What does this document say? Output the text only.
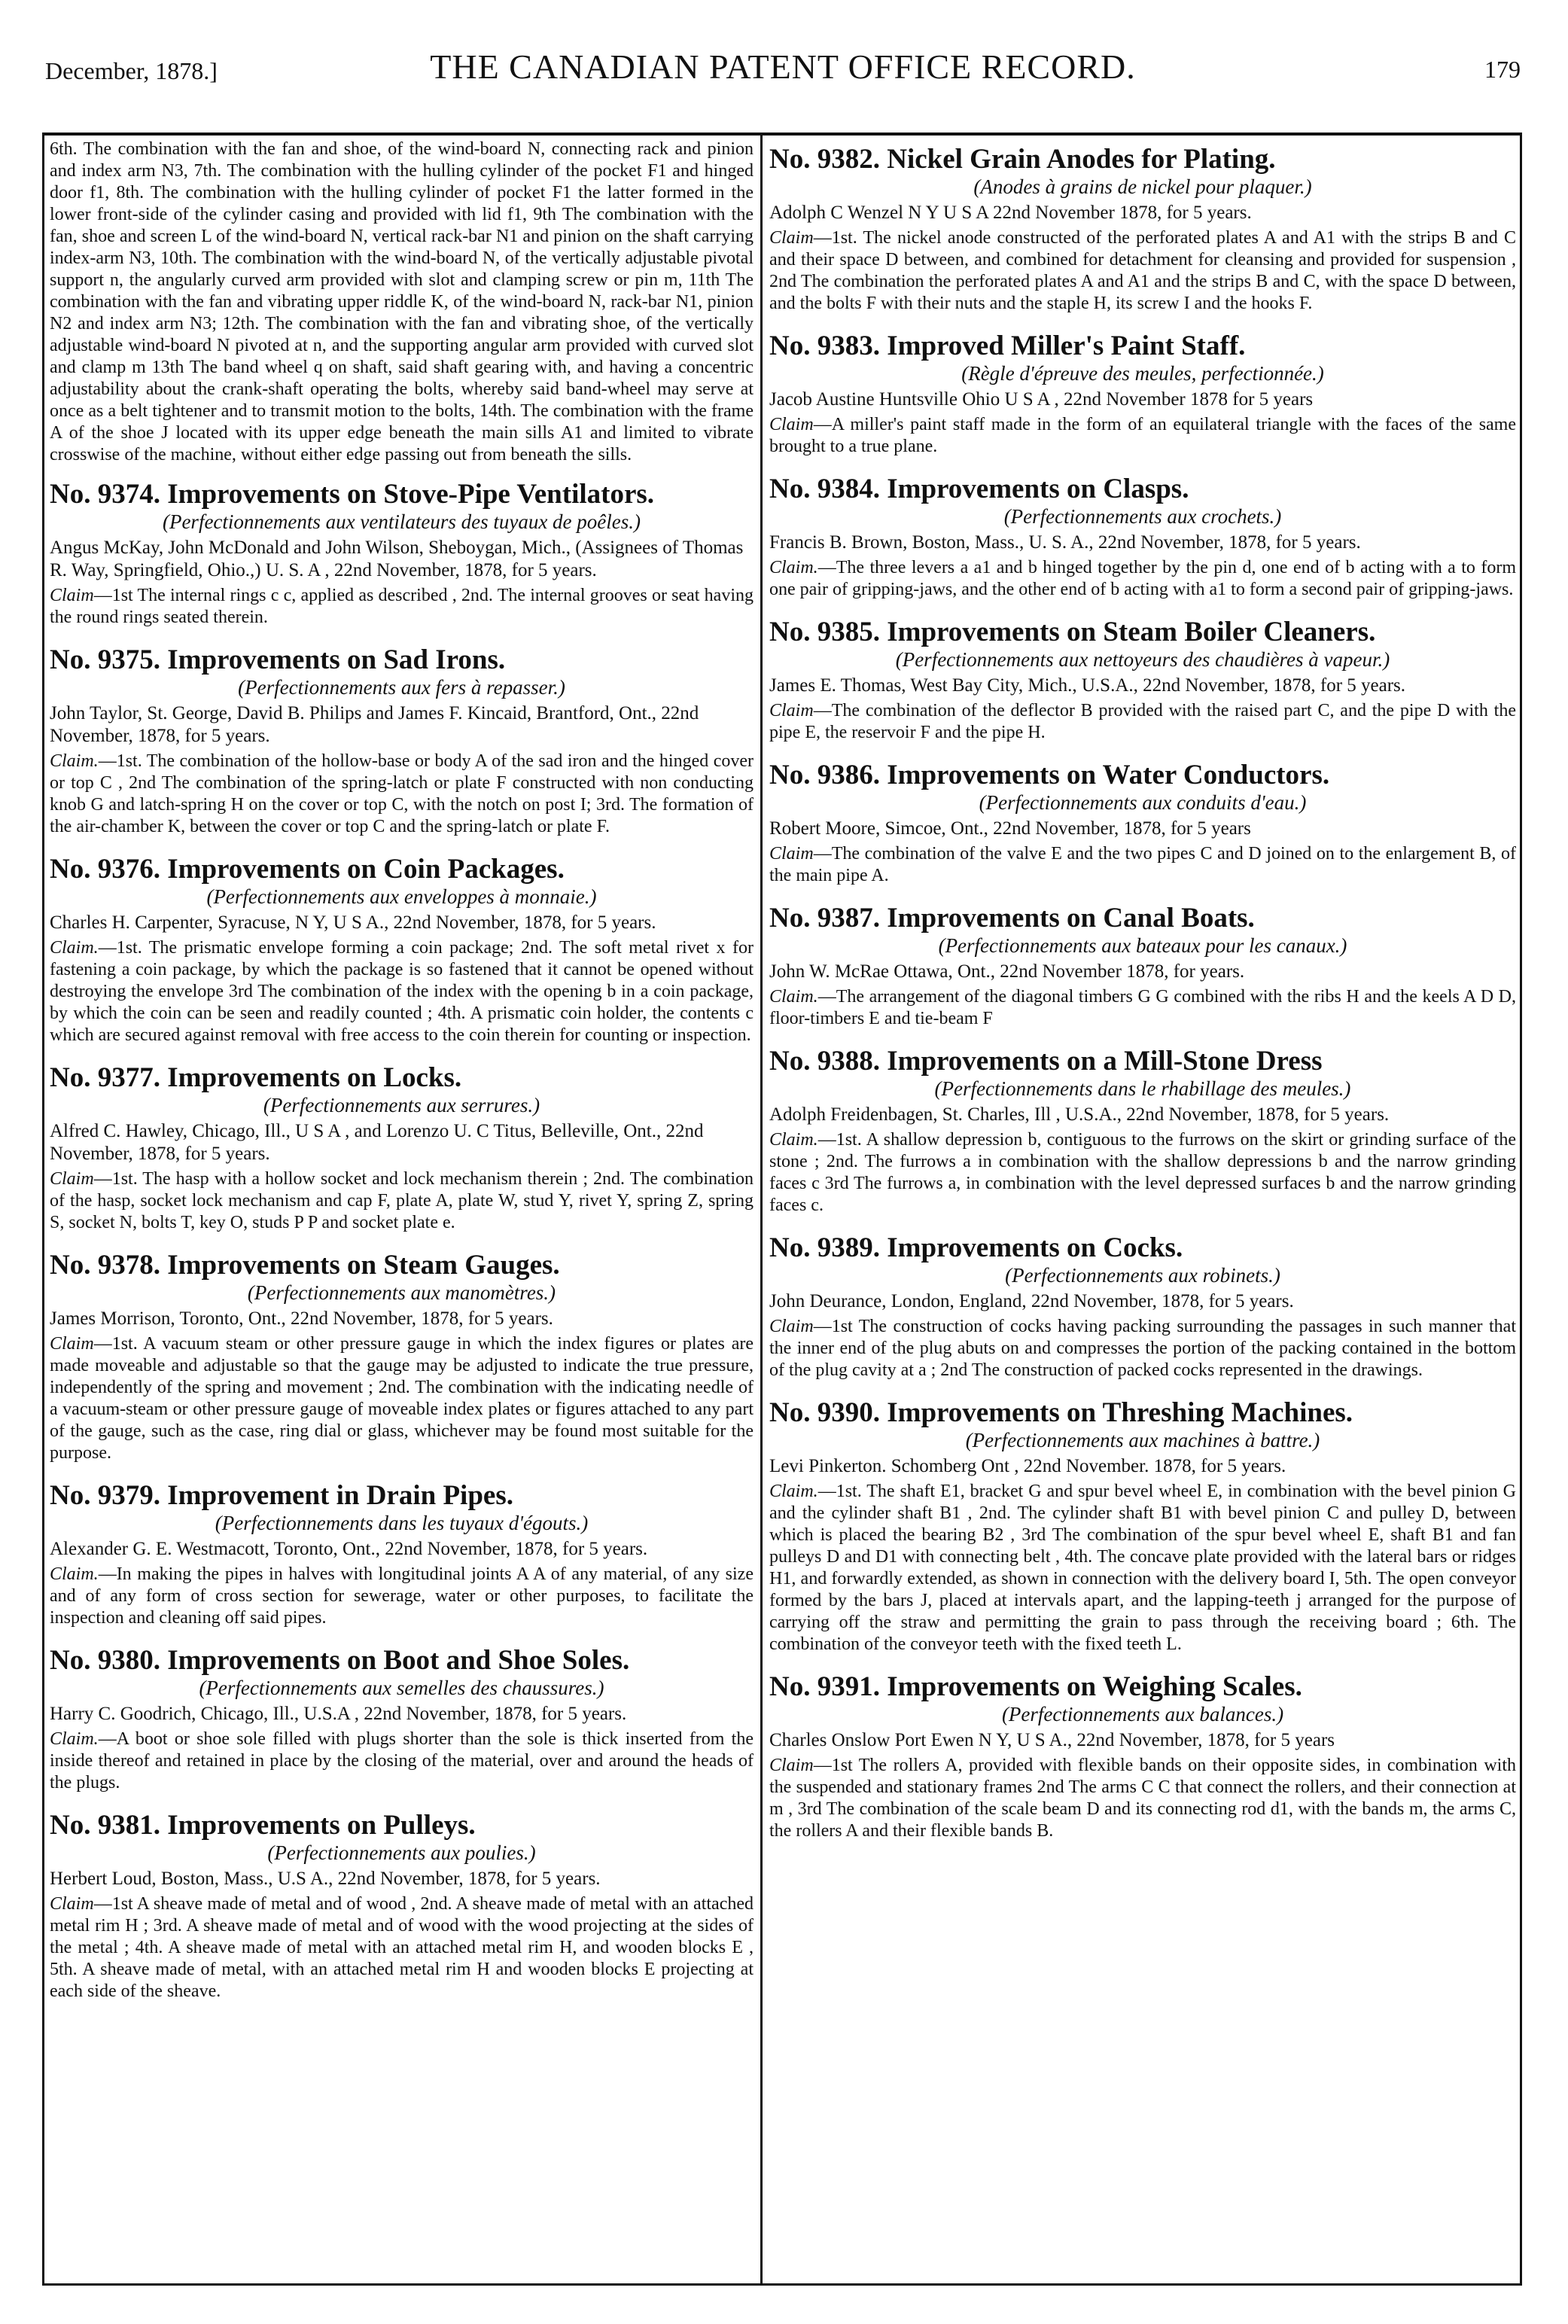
December, 1878.]	THE CANADIAN PATENT OFFICE RECORD.	179
6th. The combination with the fan and shoe, of the wind-board N, connecting rack and pinion and index arm N3, 7th. The combination with the hulling cylinder of the pocket F1 and hinged door f1, 8th. The combination with the hulling cylinder of pocket F1 the latter formed in the lower front-side of the cylinder casing and provided with lid f1, 9th The combination with the fan, shoe and screen L of the wind-board N, vertical rack-bar N1 and pinion on the shaft carrying index-arm N3, 10th. The combination with the wind-board N, of the vertically adjustable pivotal support n, the angularly curved arm provided with slot and clamping screw or pin m, 11th The combination with the fan and vibrating upper riddle K, of the wind-board N, rack-bar N1, pinion N2 and index arm N3; 12th. The combination with the fan and vibrating shoe, of the vertically adjustable wind-board N pivoted at n, and the supporting angular arm provided with curved slot and clamp m 13th The band wheel q on shaft, said shaft gearing with, and having a concentric adjustability about the crank-shaft operating the bolts, whereby said band-wheel may serve at once as a belt tightener and to transmit motion to the bolts, 14th. The combination with the frame A of the shoe J located with its upper edge beneath the main sills A1 and limited to vibrate crosswise of the machine, without either edge passing out from beneath the sills.
No. 9374. Improvements on Stove-Pipe Ventilators.
(Perfectionnements aux ventilateurs des tuyaux de poêles.)
Angus McKay, John McDonald and John Wilson, Sheboygan, Mich., (Assignees of Thomas R. Way, Springfield, Ohio.,) U. S. A , 22nd November, 1878, for 5 years.
Claim—1st The internal rings c c, applied as described , 2nd. The internal grooves or seat having the round rings seated therein.
No. 9375. Improvements on Sad Irons.
(Perfectionnements aux fers à repasser.)
John Taylor, St. George, David B. Philips and James F. Kincaid, Brantford, Ont., 22nd November, 1878, for 5 years.
Claim.—1st. The combination of the hollow-base or body A of the sad iron and the hinged cover or top C , 2nd The combination of the spring-latch or plate F constructed with non conducting knob G and latch-spring H on the cover or top C, with the notch on post I; 3rd. The formation of the air-chamber K, between the cover or top C and the spring-latch or plate F.
No. 9376. Improvements on Coin Packages.
(Perfectionnements aux enveloppes à monnaie.)
Charles H. Carpenter, Syracuse, N Y, U S A., 22nd November, 1878, for 5 years.
Claim.—1st. The prismatic envelope forming a coin package; 2nd. The soft metal rivet x for fastening a coin package, by which the package is so fastened that it cannot be opened without destroying the envelope 3rd The combination of the index with the opening b in a coin package, by which the coin can be seen and readily counted ; 4th. A prismatic coin holder, the contents c which are secured against removal with free access to the coin therein for counting or inspection.
No. 9377. Improvements on Locks.
(Perfectionnements aux serrures.)
Alfred C. Hawley, Chicago, Ill., U S A , and Lorenzo U. C Titus, Belleville, Ont., 22nd November, 1878, for 5 years.
Claim—1st. The hasp with a hollow socket and lock mechanism therein ; 2nd. The combination of the hasp, socket lock mechanism and cap F, plate A, plate W, stud Y, rivet Y, spring Z, spring S, socket N, bolts T, key O, studs P P and socket plate e.
No. 9378. Improvements on Steam Gauges.
(Perfectionnements aux manomètres.)
James Morrison, Toronto, Ont., 22nd November, 1878, for 5 years.
Claim—1st. A vacuum steam or other pressure gauge in which the index figures or plates are made moveable and adjustable so that the gauge may be adjusted to indicate the true pressure, independently of the spring and movement ; 2nd. The combination with the indicating needle of a vacuum-steam or other pressure gauge of moveable index plates or figures attached to any part of the gauge, such as the case, ring dial or glass, whichever may be found most suitable for the purpose.
No. 9379. Improvement in Drain Pipes.
(Perfectionnements dans les tuyaux d'égouts.)
Alexander G. E. Westmacott, Toronto, Ont., 22nd November, 1878, for 5 years.
Claim.—In making the pipes in halves with longitudinal joints A A of any material, of any size and of any form of cross section for sewerage, water or other purposes, to facilitate the inspection and cleaning off said pipes.
No. 9380. Improvements on Boot and Shoe Soles.
(Perfectionnements aux semelles des chaussures.)
Harry C. Goodrich, Chicago, Ill., U.S.A , 22nd November, 1878, for 5 years.
Claim.—A boot or shoe sole filled with plugs shorter than the sole is thick inserted from the inside thereof and retained in place by the closing of the material, over and around the heads of the plugs.
No. 9381. Improvements on Pulleys.
(Perfectionnements aux poulies.)
Herbert Loud, Boston, Mass., U.S A., 22nd November, 1878, for 5 years.
Claim—1st A sheave made of metal and of wood , 2nd. A sheave made of metal with an attached metal rim H ; 3rd. A sheave made of metal and of wood with the wood projecting at the sides of the metal ; 4th. A sheave made of metal with an attached metal rim H, and wooden blocks E , 5th. A sheave made of metal, with an attached metal rim H and wooden blocks E projecting at each side of the sheave.
No. 9382. Nickel Grain Anodes for Plating.
(Anodes à grains de nickel pour plaquer.)
Adolph C Wenzel N Y U S A 22nd November 1878, for 5 years.
Claim—1st. The nickel anode constructed of the perforated plates A and A1 with the strips B and C and their space D between, and combined for detachment for cleansing and provided for suspension , 2nd The combination the perforated plates A and A1 and the strips B and C, with the space D between, and the bolts F with their nuts and the staple H, its screw I and the hooks F.
No. 9383. Improved Miller's Paint Staff.
(Règle d'épreuve des meules, perfectionnée.)
Jacob Austine Huntsville Ohio U S A , 22nd November 1878 for 5 years
Claim—A miller's paint staff made in the form of an equilateral triangle with the faces of the same brought to a true plane.
No. 9384. Improvements on Clasps.
(Perfectionnements aux crochets.)
Francis B. Brown, Boston, Mass., U. S. A., 22nd November, 1878, for 5 years.
Claim.—The three levers a a1 and b hinged together by the pin d, one end of b acting with a to form one pair of gripping-jaws, and the other end of b acting with a1 to form a second pair of gripping-jaws.
No. 9385. Improvements on Steam Boiler Cleaners.
(Perfectionnements aux nettoyeurs des chaudières à vapeur.)
James E. Thomas, West Bay City, Mich., U.S.A., 22nd November, 1878, for 5 years.
Claim—The combination of the deflector B provided with the raised part C, and the pipe D with the pipe E, the reservoir F and the pipe H.
No. 9386. Improvements on Water Conductors.
(Perfectionnements aux conduits d'eau.)
Robert Moore, Simcoe, Ont., 22nd November, 1878, for 5 years
Claim—The combination of the valve E and the two pipes C and D joined on to the enlargement B, of the main pipe A.
No. 9387. Improvements on Canal Boats.
(Perfectionnements aux bateaux pour les canaux.)
John W. McRae Ottawa, Ont., 22nd November 1878, for years.
Claim.—The arrangement of the diagonal timbers G G combined with the ribs H and the keels A D D, floor-timbers E and tie-beam F
No. 9388. Improvements on a Mill-Stone Dress
(Perfectionnements dans le rhabillage des meules.)
Adolph Freidenbagen, St. Charles, Ill , U.S.A., 22nd November, 1878, for 5 years.
Claim.—1st. A shallow depression b, contiguous to the furrows on the skirt or grinding surface of the stone ; 2nd. The furrows a in combination with the shallow depressions b and the narrow grinding faces c 3rd The furrows a, in combination with the level depressed surfaces b and the narrow grinding faces c.
No. 9389. Improvements on Cocks.
(Perfectionnements aux robinets.)
John Deurance, London, England, 22nd November, 1878, for 5 years.
Claim—1st The construction of cocks having packing surrounding the passages in such manner that the inner end of the plug abuts on and compresses the portion of the packing contained in the bottom of the plug cavity at a ; 2nd The construction of packed cocks represented in the drawings.
No. 9390. Improvements on Threshing Machines.
(Perfectionnements aux machines à battre.)
Levi Pinkerton. Schomberg Ont , 22nd November. 1878, for 5 years.
Claim.—1st. The shaft E1, bracket G and spur bevel wheel E, in combination with the bevel pinion G and the cylinder shaft B1 , 2nd. The cylinder shaft B1 with bevel pinion C and pulley D, between which is placed the bearing B2 , 3rd The combination of the spur bevel wheel E, shaft B1 and fan pulleys D and D1 with connecting belt , 4th. The concave plate provided with the lateral bars or ridges H1, and forwardly extended, as shown in connection with the delivery board I, 5th. The open conveyor formed by the bars J, placed at intervals apart, and the lapping-teeth j arranged for the purpose of carrying off the straw and permitting the grain to pass through the receiving board ; 6th. The combination of the conveyor teeth with the fixed teeth L.
No. 9391. Improvements on Weighing Scales.
(Perfectionnements aux balances.)
Charles Onslow Port Ewen N Y, U S A., 22nd November, 1878, for 5 years
Claim—1st The rollers A, provided with flexible bands on their opposite sides, in combination with the suspended and stationary frames 2nd The arms C C that connect the rollers, and their connection at m , 3rd The combination of the scale beam D and its connecting rod d1, with the bands m, the arms C, the rollers A and their flexible bands B.
